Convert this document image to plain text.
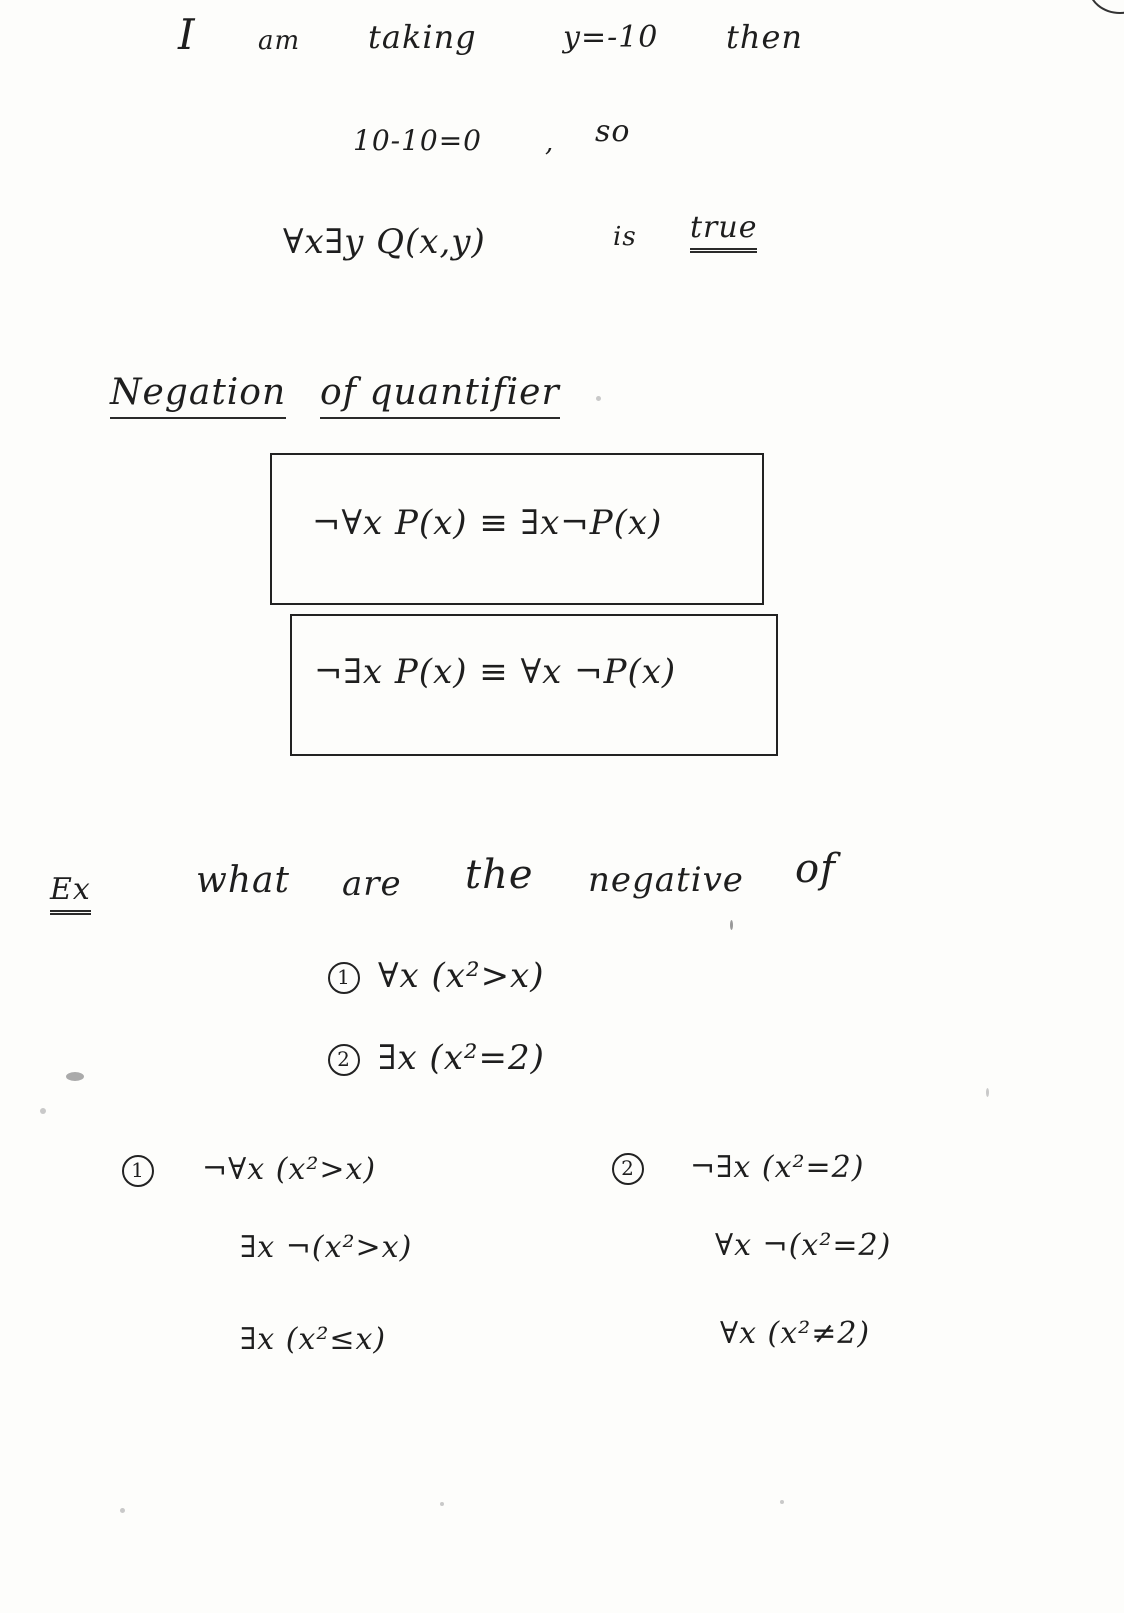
I am taking	y=-10 then
10-10=0 , so
∀x∃y Q(x,y)	is true
Negation of quantifier
¬∀x P(x) ≡ ∃x¬P(x)
¬∃x P(x) ≡ ∀x ¬P(x)
Ex	what are the negative of
1 ∀x (x²>x)
2 ∃x (x²=2)
1 ¬∀x (x²>x)
∃x ¬(x²>x)
∃x (x²≤x)
2 ¬∃x (x²=2)
∀x ¬(x²=2)
∀x (x²≠2)
